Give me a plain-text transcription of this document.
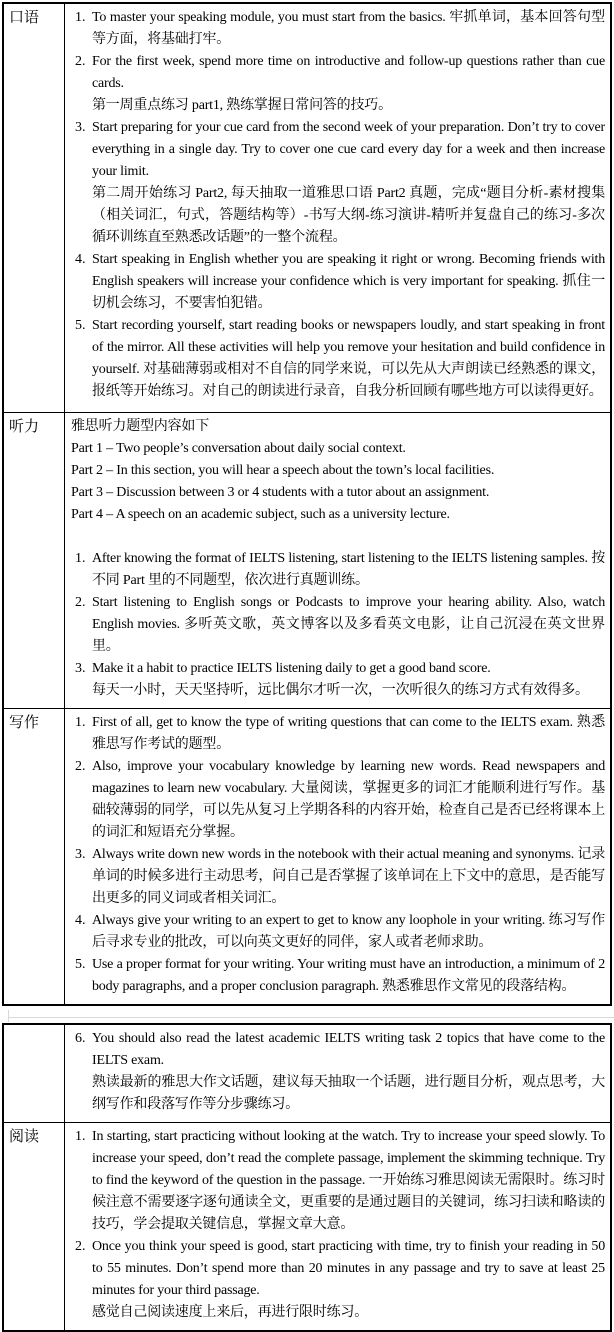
口语	1. To master your speaking module, you must start from the basics. 牢抓单词，基本回答句型等方面，将基础打牢。
2. For the first week, spend more time on introductive and follow-up questions rather than cue cards.
第一周重点练习 part1, 熟练掌握日常问答的技巧。
3. Start preparing for your cue card from the second week of your preparation. Don’t try to cover everything in a single day. Try to cover one cue card every day for a week and then increase your limit.
第二周开始练习 Part2, 每天抽取一道雅思口语 Part2 真题，完成“题目分析-素材搜集（相关词汇，句式，答题结构等）-书写大纲-练习演讲-精听并复盘自己的练习-多次循环训练直至熟悉改话题”的一整个流程。
4. Start speaking in English whether you are speaking it right or wrong. Becoming friends with English speakers will increase your confidence which is very important for speaking. 抓住一切机会练习，不要害怕犯错。
5. Start recording yourself, start reading books or newspapers loudly, and start speaking in front of the mirror. All these activities will help you remove your hesitation and build confidence in yourself. 对基础薄弱或相对不自信的同学来说，可以先从大声朗读已经熟悉的课文，报纸等开始练习。对自己的朗读进行录音，自我分析回顾有哪些地方可以读得更好。
听力	雅思听力题型内容如下
Part 1 – Two people’s conversation about daily social context.
Part 2 – In this section, you will hear a speech about the town’s local facilities.
Part 3 – Discussion between 3 or 4 students with a tutor about an assignment.
Part 4 – A speech on an academic subject, such as a university lecture.

1. After knowing the format of IELTS listening, start listening to the IELTS listening samples. 按不同 Part 里的不同题型，依次进行真题训练。
2. Start listening to English songs or Podcasts to improve your hearing ability. Also, watch English movies. 多听英文歌，英文博客以及多看英文电影，让自己沉浸在英文世界里。
3. Make it a habit to practice IELTS listening daily to get a good band score.
每天一小时，天天坚持听，远比偶尔才听一次，一次听很久的练习方式有效得多。
写作	1. First of all, get to know the type of writing questions that can come to the IELTS exam. 熟悉雅思写作考试的题型。
2. Also, improve your vocabulary knowledge by learning new words. Read newspapers and magazines to learn new vocabulary. 大量阅读，掌握更多的词汇才能顺利进行写作。基础较薄弱的同学，可以先从复习上学期各科的内容开始，检查自己是否已经将课本上的词汇和短语充分掌握。
3. Always write down new words in the notebook with their actual meaning and synonyms. 记录单词的时候多进行主动思考，问自己是否掌握了该单词在上下文中的意思，是否能写出更多的同义词或者相关词汇。
4. Always give your writing to an expert to get to know any loophole in your writing. 练习写作后寻求专业的批改，可以向英文更好的同伴，家人或者老师求助。
5. Use a proper format for your writing. Your writing must have an introduction, a minimum of 2 body paragraphs, and a proper conclusion paragraph. 熟悉雅思作文常见的段落结构。
6. You should also read the latest academic IELTS writing task 2 topics that have come to the IELTS exam.
熟读最新的雅思大作文话题，建议每天抽取一个话题，进行题目分析，观点思考，大纲写作和段落写作等分步骤练习。
阅读	1. In starting, start practicing without looking at the watch. Try to increase your speed slowly. To increase your speed, don’t read the complete passage, implement the skimming technique. Try to find the keyword of the question in the passage. 一开始练习雅思阅读无需限时。练习时候注意不需要逐字逐句通读全文，更重要的是通过题目的关键词，练习扫读和略读的技巧，学会提取关键信息，掌握文章大意。
2. Once you think your speed is good, start practicing with time, try to finish your reading in 50 to 55 minutes. Don’t spend more than 20 minutes in any passage and try to save at least 25 minutes for your third passage.
感觉自己阅读速度上来后，再进行限时练习。
